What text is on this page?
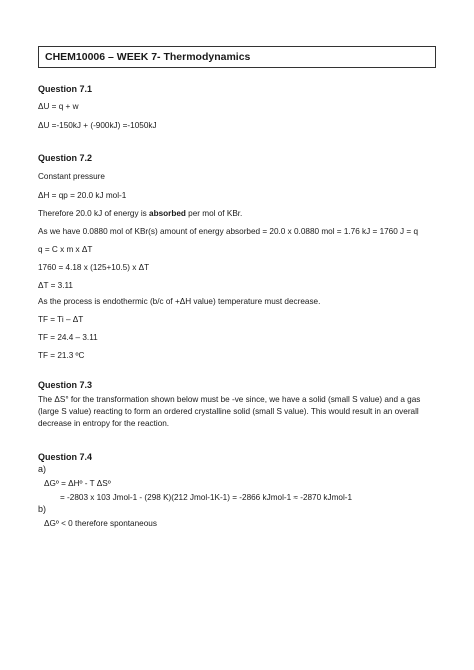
CHEM10006 – WEEK 7- Thermodynamics
Question 7.1
ΔU = q + w
ΔU =-150kJ + (-900kJ) =-1050kJ
Question 7.2
Constant pressure
ΔH = qp = 20.0 kJ mol-1
Therefore 20.0 kJ of energy is absorbed per mol of KBr.
As we have 0.0880 mol of KBr(s) amount of energy absorbed = 20.0 x 0.0880 mol = 1.76 kJ = 1760 J = q
q = C x m x ΔT
1760 = 4.18 x (125+10.5) x ΔT
ΔT = 3.11
As the process is endothermic (b/c of +ΔH value) temperature must decrease.
TF = Ti – ΔT
TF = 24.4 – 3.11
TF = 21.3 ºC
Question 7.3
The ΔS° for the transformation shown below must be -ve since, we have a solid (small S value) and a gas (large S value) reacting to form an ordered crystalline solid (small S value). This would result in an overall decrease in entropy for the reaction.
Question 7.4
a)
ΔGº = ΔHº - T ΔSº
= -2803 x 103 Jmol-1 - (298 K)(212 Jmol-1K-1) = -2866 kJmol-1 ≈ -2870 kJmol-1
b)
ΔGº < 0 therefore spontaneous
